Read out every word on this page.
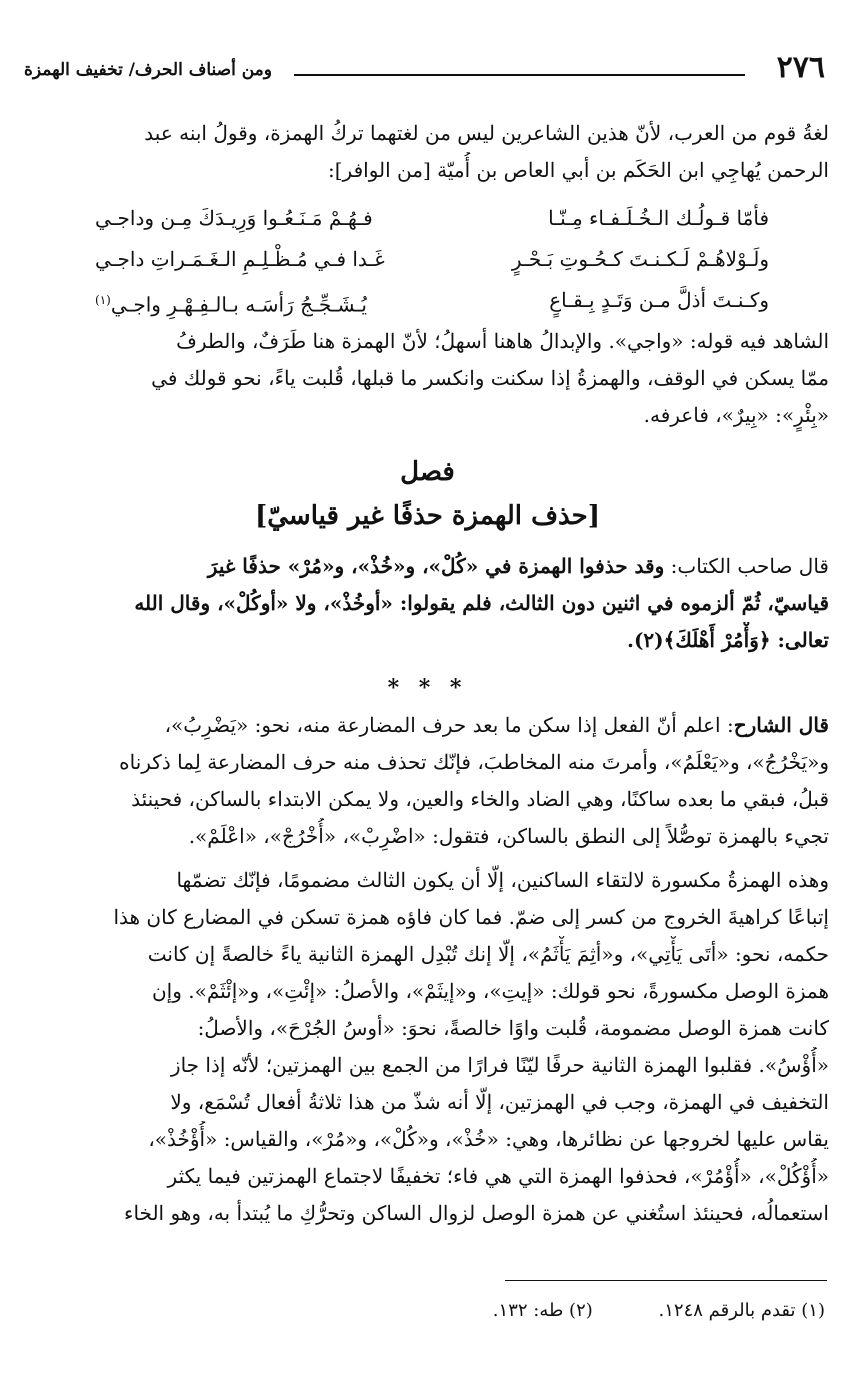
٢٧٦
ومن أصناف الحرف/ تخفيف الهمزة
لغةُ قوم من العرب، لأنّ هذين الشاعرين ليس من لغتهما تركُ الهمزة، وقولُ ابنه عبد
الرحمن يُهاجِي ابن الحَكَم بن أبي العاص بن أُميّة [من الوافر]:
فأمّا قـولُـك الـخُـلَـفـاء مِـنّـا
فـهُـمْ مَـنَـعُـوا وَرِيـدَكَ مِـن وداجـي
ولَـوْلاهُـمْ لَـكـنـتَ كـحُـوتِ بَـحْـرٍ
غَـدا فـي مُـظْـلِـمِ الـغَـمَـراتِ داجـي
وكـنـتَ أذلَّ مـن وَتَـدٍ بِـقـاعٍ
يُـشَـجِّـجُ رَأسَـه بـالـفِـهْـرِ واجـي$^{(١)}$
الشاهد فيه قوله: «واجي». والإبدالُ هاهنا أسهلُ؛ لأنّ الهمزة هنا طَرَفٌ، والطرفُ
ممّا يسكن في الوقف، والهمزةُ إذا سكنت وانكسر ما قبلها، قُلبت ياءً، نحو قولك في
«بِئْرٍ»: «بِيرٌ»، فاعرفه.
فصل
[حذف الهمزة حذفًا غير قياسيّ]
قال صاحب الكتاب: وقد حذفوا الهمزة في «كُلْ»، و«خُذْ»، و«مُرْ» حذفًا غيرَ
قياسيّ، ثُمّ ألزموه في اثنين دون الثالث، فلم يقولوا: «أوخُذْ»، ولا «أوكُلْ»، وقال الله
تعالى: ﴿وَأْمُرْ أَهْلَكَ﴾(٢).
* * *
قال الشارح: اعلم أنّ الفعل إذا سكن ما بعد حرف المضارعة منه، نحو: «يَضْرِبُ»،
و«يَخْرُجُ»، و«يَعْلَمُ»، وأمرتَ منه المخاطبَ، فإنّك تحذف منه حرف المضارعة لِما ذكرناه
قبلُ، فبقي ما بعده ساكنًا، وهي الضاد والخاء والعين، ولا يمكن الابتداء بالساكن، فحينئذ
تجيء بالهمزة توصُّلاً إلى النطق بالساكن، فتقول: «اضْرِبْ»، «أُخْرُجْ»، «اعْلَمْ».
وهذه الهمزةُ مكسورة لالتقاء الساكنين، إلّا أن يكون الثالث مضمومًا، فإنّك تضمّها
إتباعًا كراهيةَ الخروج من كسر إلى ضمّ. فما كان فاؤه همزة تسكن في المضارع كان هذا
حكمه، نحو: «أتَى يَأْتِي»، و«أثِمَ يَأْثَمُ»، إلّا إنك تُبْدِل الهمزة الثانية ياءً خالصةً إن كانت
همزة الوصل مكسورةً، نحو قولك: «إيتِ»، و«إيثَمْ»، والأصلُ: «إئْتِ»، و«إئْثَمْ». وإن
كانت همزة الوصل مضمومة، قُلبت واوًا خالصةً، نحوَ: «أوسُ الجُرْحَ»، والأصلُ:
«أُؤْسُ». فقلبوا الهمزة الثانية حرفًا ليّنًا فرارًا من الجمع بين الهمزتين؛ لأنّه إذا جاز
التخفيف في الهمزة، وجب في الهمزتين، إلّا أنه شذّ من هذا ثلاثةُ أفعال تُسْمَع، ولا
يقاس عليها لخروجها عن نظائرها، وهي: «خُذْ»، و«كُلْ»، و«مُرْ»، والقياس: «أُؤْخُذْ»،
«أُؤْكُلْ»، «أُؤْمُرْ»، فحذفوا الهمزة التي هي فاء؛ تخفيفًا لاجتماع الهمزتين فيما يكثر
استعمالُه، فحينئذ استُغني عن همزة الوصل لزوال الساكن وتحرُّكِ ما يُبتدأ به، وهو الخاء
(١) تقدم بالرقم ١٢٤٨. (٢) طه: ١٣٢.
